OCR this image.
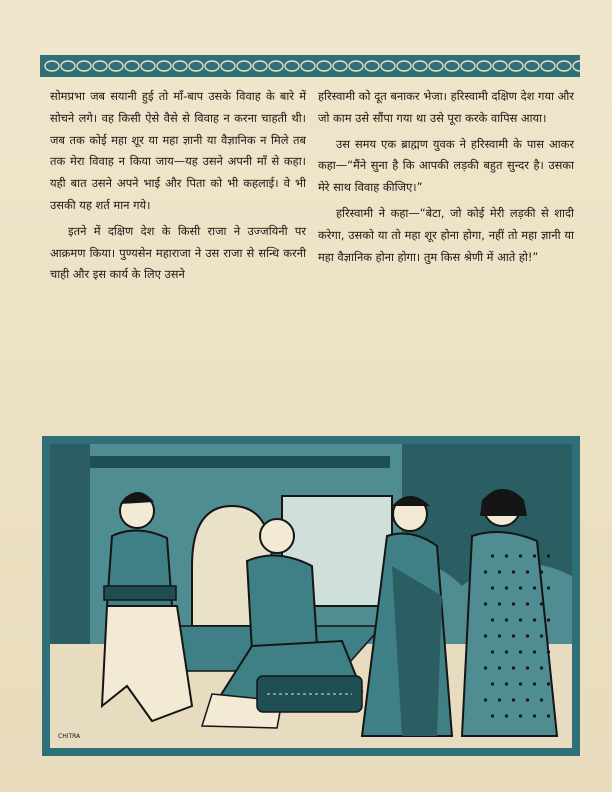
सोमप्रभा जब सयानी हुई तो माँ-बाप उसके विवाह के बारे में सोचने लगे। वह किसी ऐसे वैसे से विवाह न करना चाहती थी। जब तक कोई महा शूर या महा ज्ञानी या वैज्ञानिक न मिले तब तक मेरा विवाह न किया जाय—यह उसने अपनी माँ से कहा। यही बात उसने अपने भाई और पिता को भी कहलाई। वे भी उसकी यह शर्त मान गये।

इतने में दक्षिण देश के किसी राजा ने उज्जयिनी पर आक्रमण किया। पुण्यसेन महाराजा ने उस राजा से सन्धि करनी चाही और इस कार्य के लिए उसने

हरिस्वामी को दूत बनाकर भेजा। हरिस्वामी दक्षिण देश गया और जो काम उसे सौंपा गया था उसे पूरा करके वापिस आया।

उस समय एक ब्राह्मण युवक ने हरिस्वामी के पास आकर कहा—“मैंने सुना है कि आपकी लड़की बहुत सुन्दर है। उसका मेरे साथ विवाह कीजिए।”

हरिस्वामी ने कहा—“बेटा, जो कोई मेरी लड़की से शादी करेगा, उसको या तो महा शूर होना होगा, नहीं तो महा ज्ञानी या महा वैज्ञानिक होना होगा। तुम किस श्रेणी में आते हो!”

CHITRA
